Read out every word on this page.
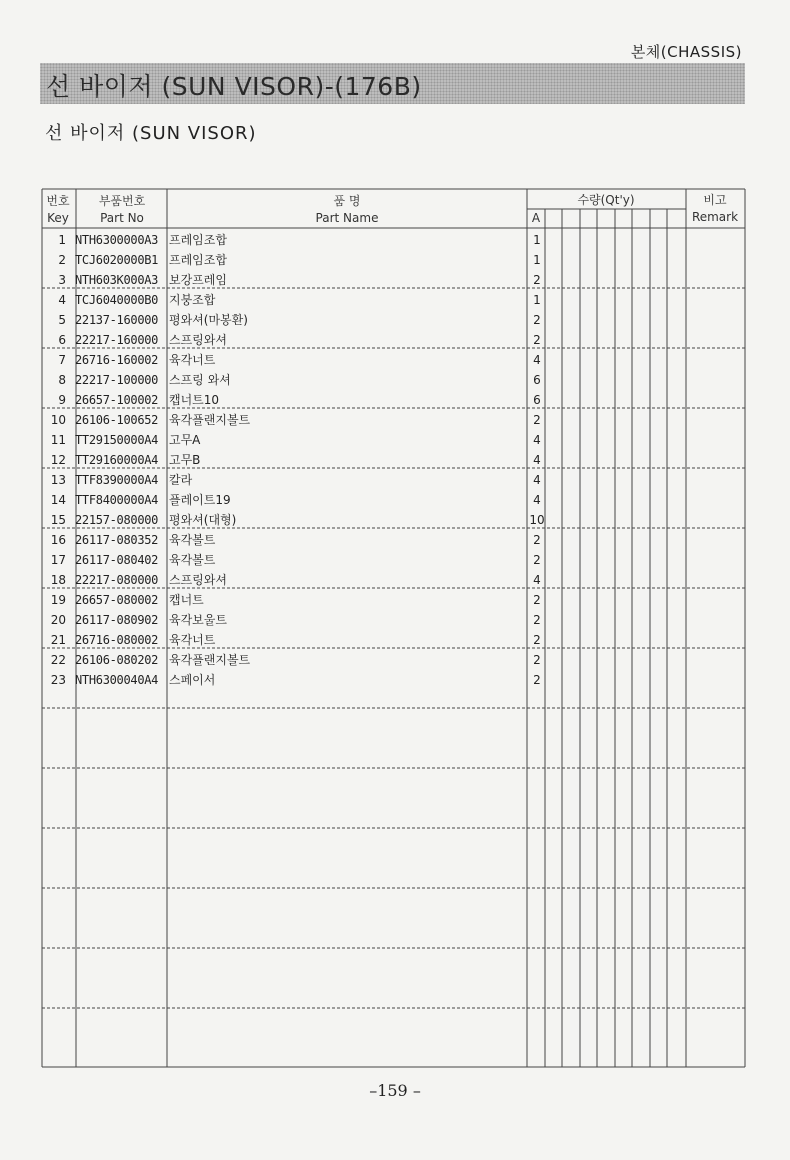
본체(CHASSIS)
선 바이저 (SUN VISOR)-(176B)
선 바이저 (SUN VISOR)
번호
Key
부품번호
Part No
품 명
Part Name
수량(Qt'y)
A
비고
Remark
1 NTH6300000A3 프레임조합	1
2 TCJ6020000B1 프레임조합	1
3 NTH603K000A3 보강프레임	2
4 TCJ6040000B0 지붕조합	1
5 22137-160000 평와셔(마봉환)	2
6 22217-160000 스프링와셔	2
7 26716-160002 육각너트	4
8 22217-100000 스프링 와셔	6
9 26657-100002 캡너트10	6
10 26106-100652 육각플랜지볼트	2
11 TT29150000A4 고무A	4
12 TT29160000A4 고무B	4
13 TTF8390000A4 칼라	4
14 TTF8400000A4 플레이트19	4
15 22157-080000 평와셔(대형)	10
16 26117-080352 육각볼트	2
17 26117-080402 육각볼트	2
18 22217-080000 스프링와셔	4
19 26657-080002 캡너트	2
20 26117-080902 육각보울트	2
21 26716-080002 육각너트	2
22 26106-080202 육각플랜지볼트	2
23 NTH6300040A4 스페이서	2
–159 –
